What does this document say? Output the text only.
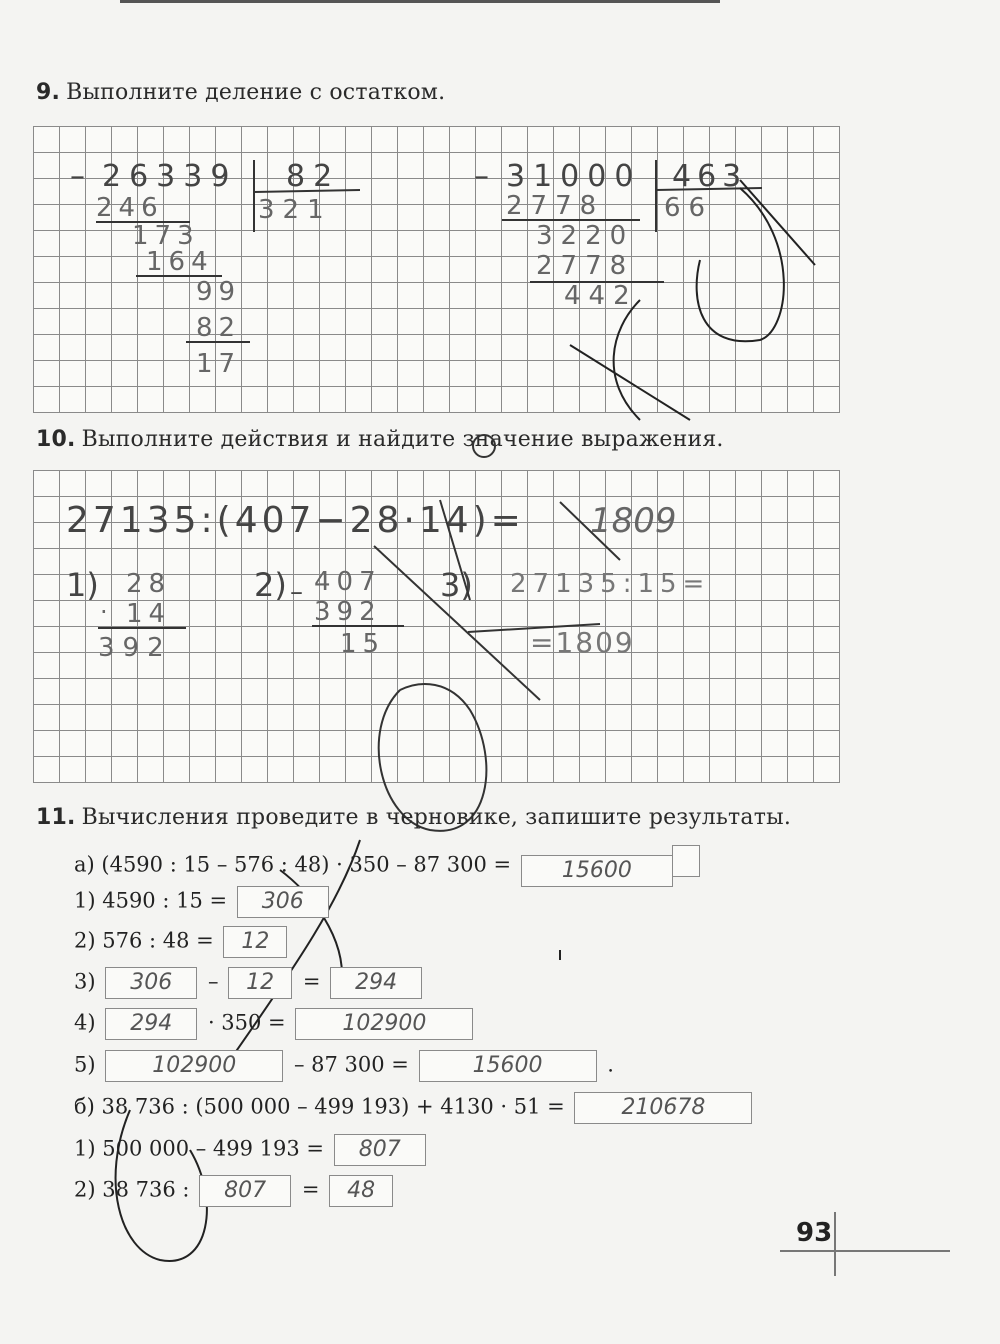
9. Выполните деление с остатком.
10. Выполните действия и найдите значение выражения.
– 26339 82
321
246
173
164
99
82
17
– 31000 463
66
2778
3220
2778
442
27135:(407−28·14)= 1809
1) 28
· 14
392
2) – 407
392
15
3) 27135:15=
=1809
11. Вычисления проведите в черновике, запишите результаты.
а) (4590 : 15 – 576 : 48) · 350 – 87 300 = 15600
1) 4590 : 15 = 306
2) 576 : 48 = 12
3) 306 – 12 = 294
4) 294 · 350 =	102900
5)	102900	– 87 300 =	15600	.
б) 38 736 : (500 000 – 499 193) + 4130 · 51 =	210678
1) 500 000 – 499 193 = 807
2) 38 736 : 807 = 48
93
